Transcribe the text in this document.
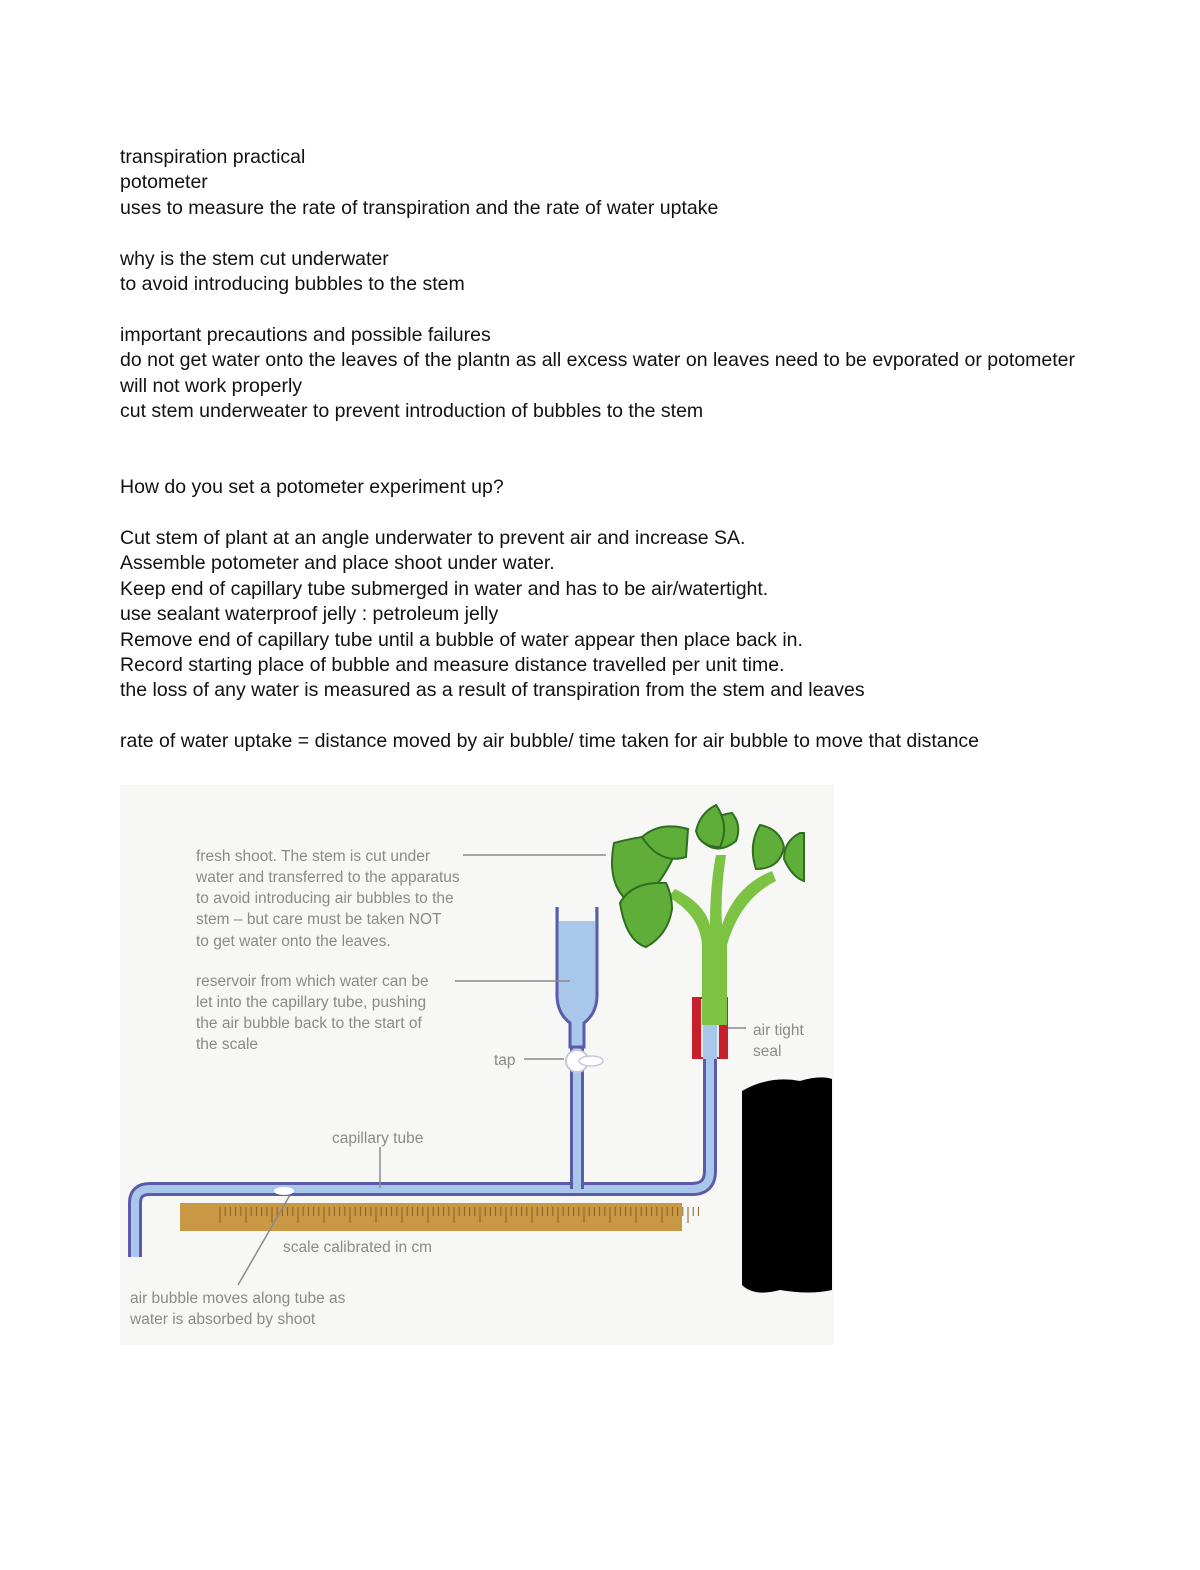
transpiration practical
potometer
uses to measure the rate of transpiration and the rate of water uptake
why is the stem cut underwater
to avoid introducing bubbles to the stem
important precautions and possible failures
do not get water onto the leaves of the plantn as all excess water on leaves need to be evporated or potometer will not work properly
cut stem underweater to prevent introduction of bubbles to the stem
How do you set a potometer experiment up?
Cut stem of plant at an angle underwater to prevent air and increase SA.
Assemble potometer and place shoot under water.
Keep end of capillary tube submerged in water and has to be air/watertight.
use sealant waterproof jelly : petroleum jelly
Remove end of capillary tube until a bubble of water appear then place back in.
Record starting place of bubble and measure distance travelled per unit time.
the loss of any water is measured as a result of transpiration from the stem and leaves
rate of water uptake = distance moved by air bubble/ time taken for air bubble to move that distance
fresh shoot. The stem is cut under water and transferred to the apparatus to avoid introducing air bubbles to the stem – but care must be taken NOT to get water onto the leaves.
reservoir from which water can be let into the capillary tube, pushing the air bubble back to the start of the scale
tap
air tight seal
capillary tube
scale calibrated in cm
air bubble moves along tube as water is absorbed by shoot
